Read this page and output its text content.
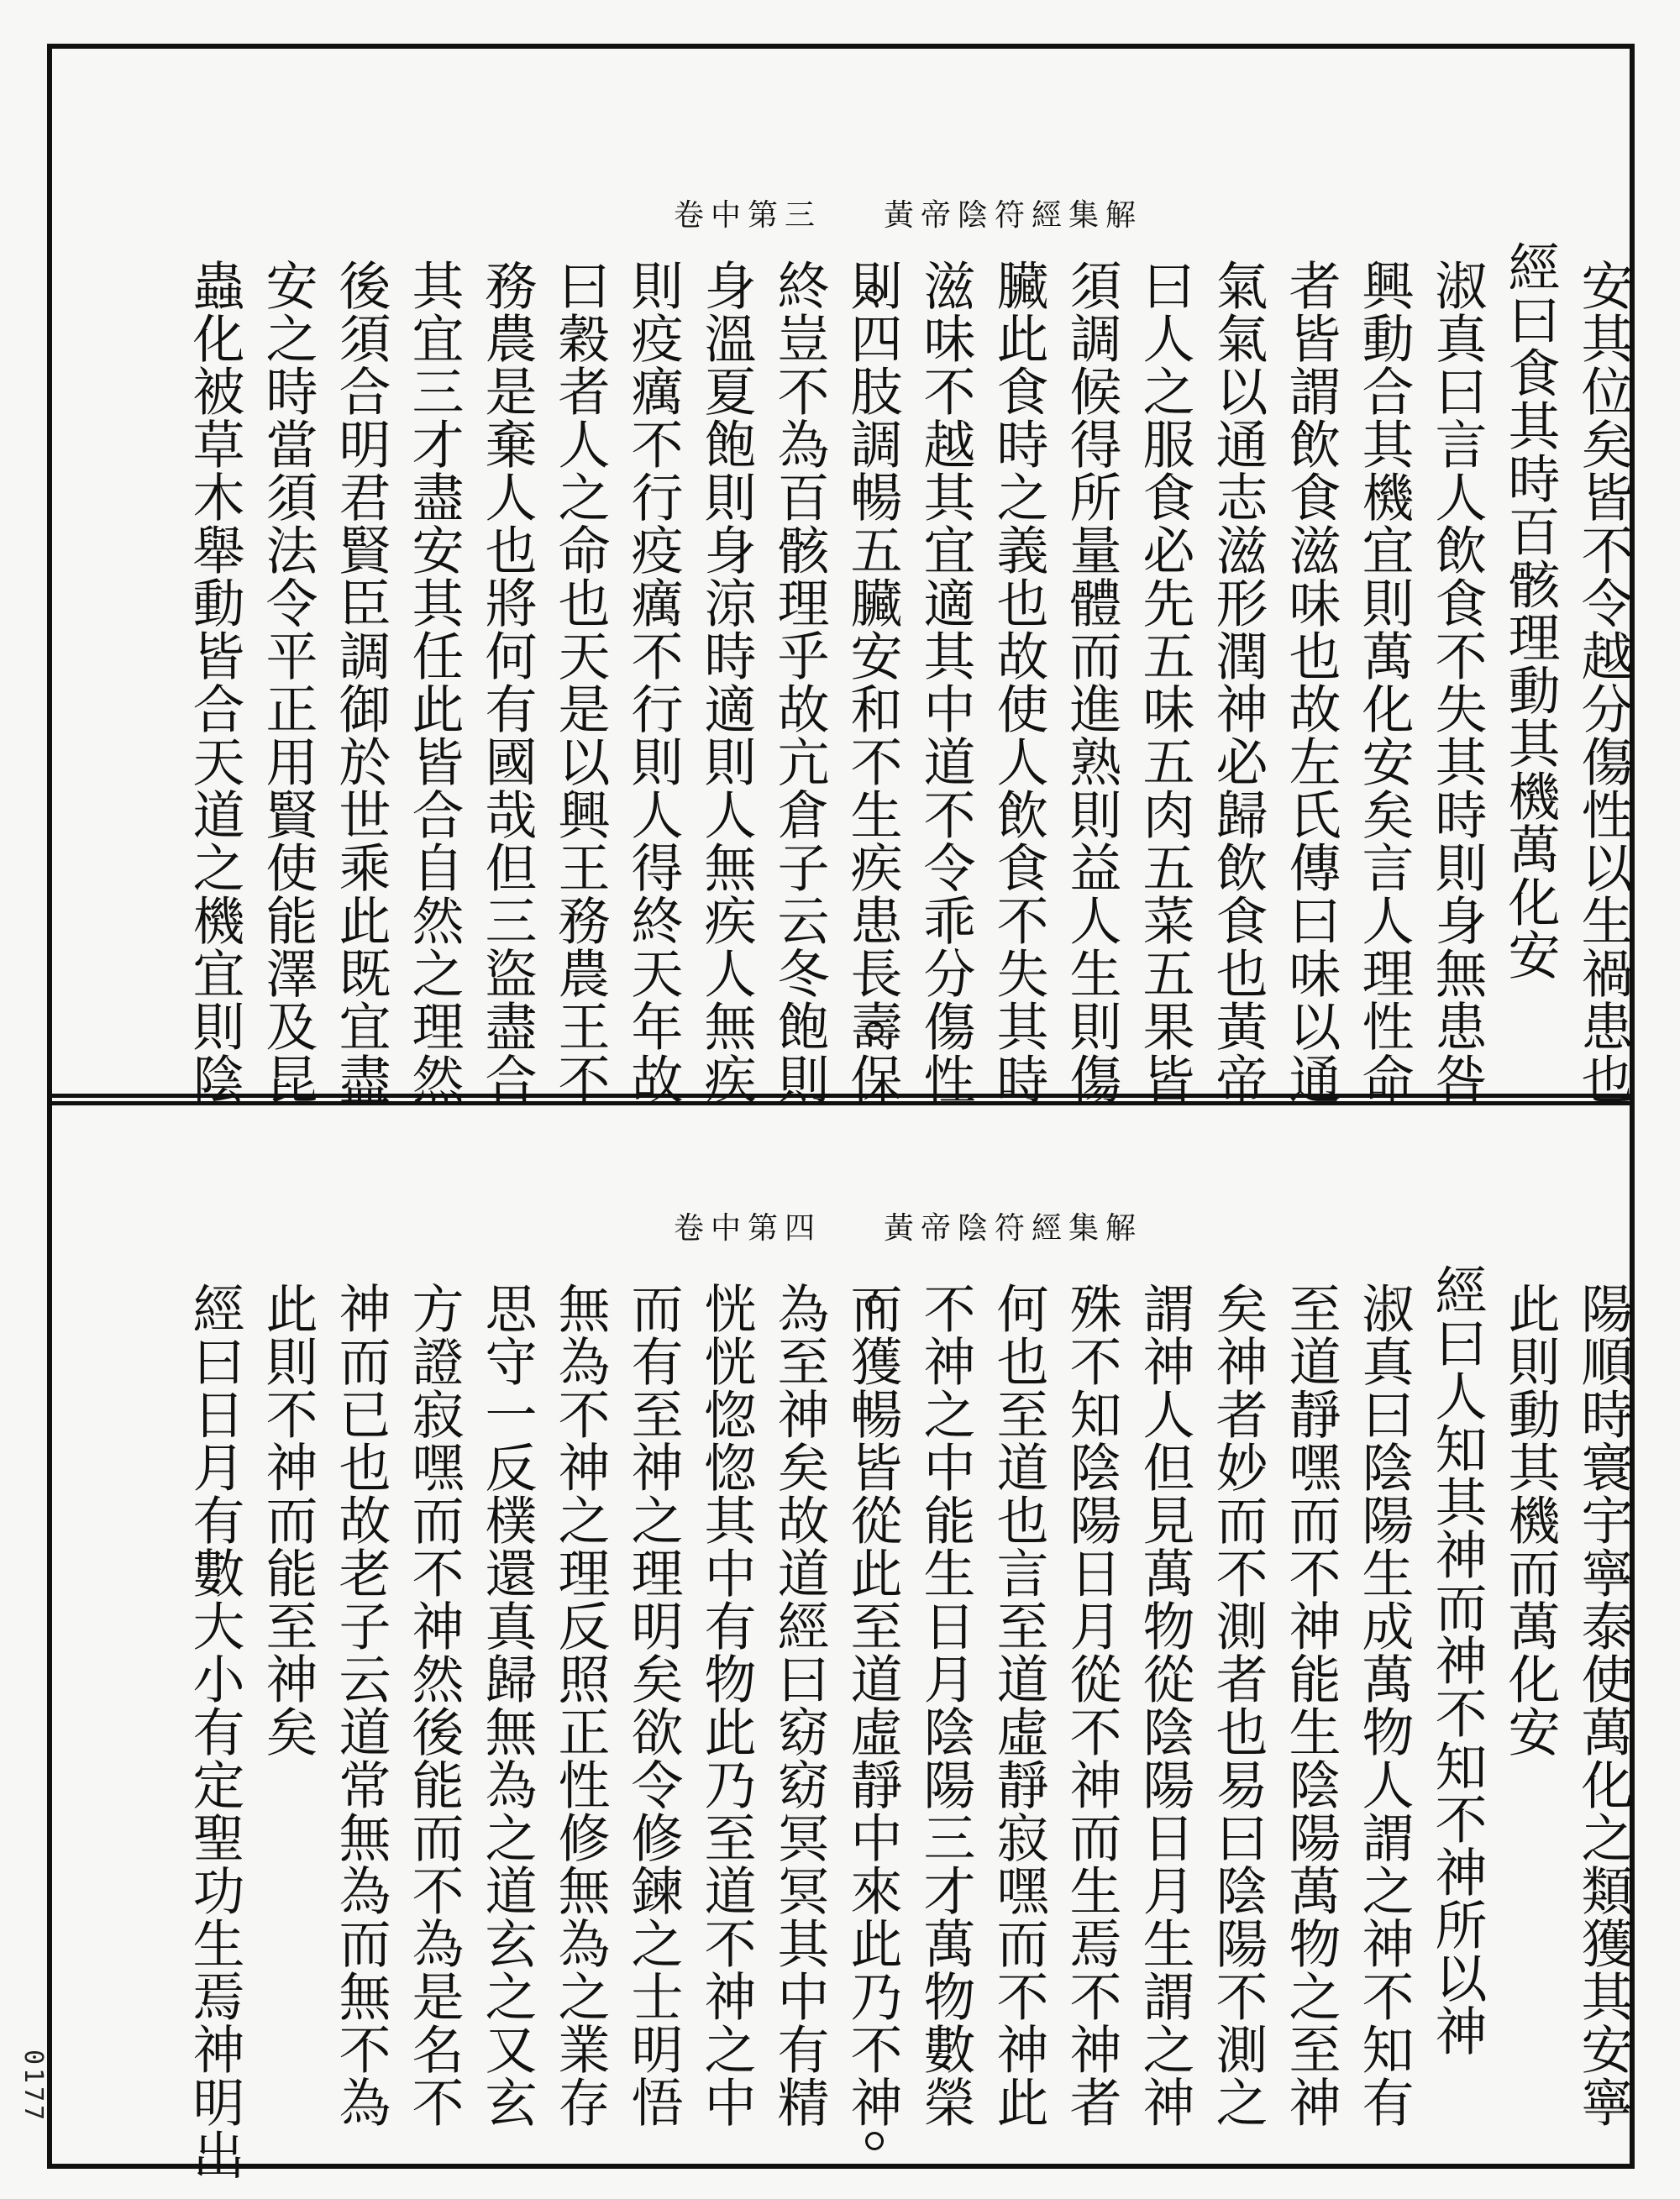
黃帝陰符經集解
卷中第三
安其位矣皆不令越分傷性以生禍患也
經曰食其時百骸理動其機萬化安
淑真曰言人飲食不失其時則身無患咎
興動合其機宜則萬化安矣言人理性命
者皆謂飲食滋味也故左氏傳曰味以通
氣氣以通志滋形潤神必歸飲食也黃帝
曰人之服食必先五味五肉五菜五果皆
須調候得所量體而進熟則益人生則傷
臟此食時之義也故使人飲食不失其時
滋味不越其宜適其中道不令乖分傷性
則四肢調暢五臟安和不生疾患長壽保
終豈不為百骸理乎故亢倉子云冬飽則
身溫夏飽則身涼時適則人無疾人無疾
則疫癘不行疫癘不行則人得終天年故
曰穀者人之命也天是以興王務農王不
務農是棄人也將何有國哉但三盜盡合
其宜三才盡安其任此皆合自然之理然
後須合明君賢臣調御於世乘此既宜盡
安之時當須法令平正用賢使能澤及昆
蟲化被草木舉動皆合天道之機宜則陰
黃帝陰符經集解
卷中第四
陽順時寰宇寧泰使萬化之類獲其安寧
此則動其機而萬化安
經曰人知其神而神不知不神所以神
淑真曰陰陽生成萬物人謂之神不知有
至道靜嘿而不神能生陰陽萬物之至神
矣神者妙而不測者也易曰陰陽不測之
謂神人但見萬物從陰陽日月生謂之神
殊不知陰陽日月從不神而生焉不神者
何也至道也言至道虛靜寂嘿而不神此
不神之中能生日月陰陽三才萬物數榮
而獲暢皆從此至道虛靜中來此乃不神
為至神矣故道經曰窈窈冥冥其中有精
恍恍惚惚其中有物此乃至道不神之中
而有至神之理明矣欲令修鍊之士明悟
無為不神之理反照正性修無為之業存
思守一反樸還真歸無為之道玄之又玄
方證寂嘿而不神然後能而不為是名不
神而已也故老子云道常無為而無不為
此則不神而能至神矣
經曰日月有數大小有定聖功生焉神明出
0177
